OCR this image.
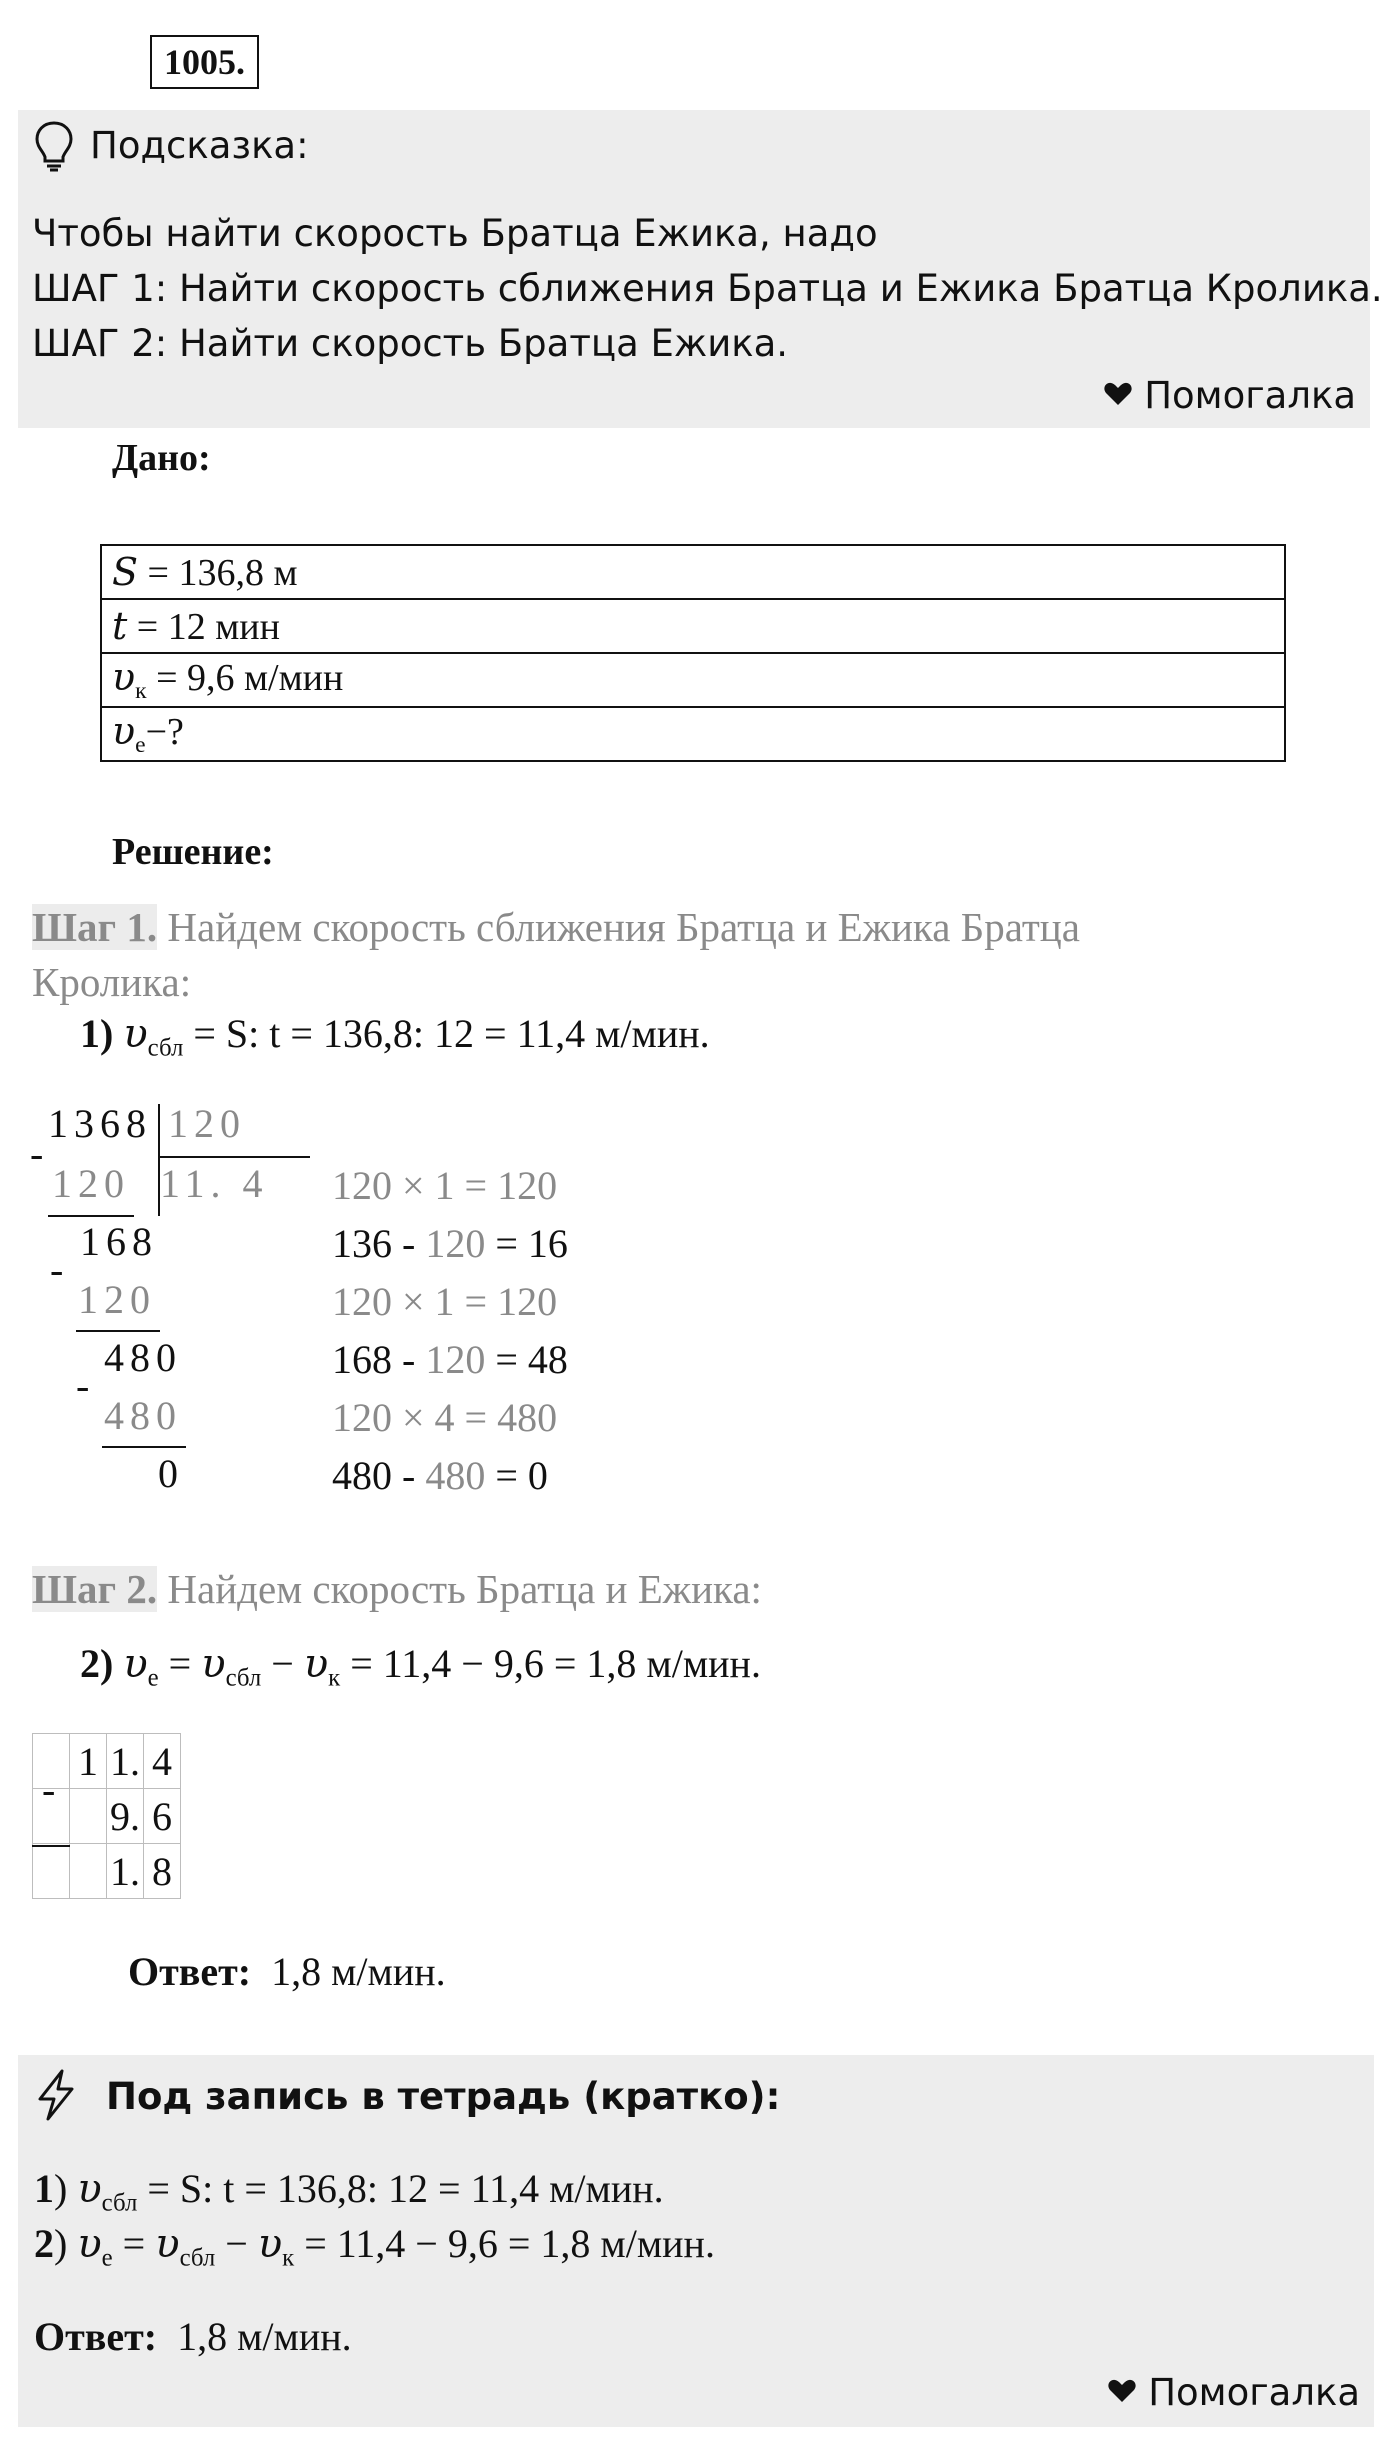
1005.
Подсказка:
Чтобы найти скорость Братца Ежика, надо
ШАГ 1: Найти скорость сближения Братца и Ежика Братца Кролика.
ШАГ 2: Найти скорость Братца Ежика.
Помогалка
Дано:
S = 136,8 м
t = 12 мин
$\upsilon_к = 9,6$ м/мин
$\upsilon_е-$?
Решение:
Шаг 1. Найдем скорость сближения Братца и Ежика Братца
Кролика:
1) $\upsilon_{сбл} = S$: t = 136,8: 12 = 11,4 м/мин.
1368 120
11. 4
-
120
168
-
120
480
-
480
0
120 × 1 = 120
136 - 120 = 16
120 × 1 = 120
168 - 120 = 48
120 × 4 = 480
480 - 480 = 0
Шаг 2. Найдем скорость Братца и Ежика:
2) $\upsilon_е = \upsilon_{сбл} - \upsilon_к = 11,4 - 9,6 = 1,8$ м/мин.
	1	1.	4
		9.	6
		1.	8
-
Ответ: 1,8 м/мин.
Под запись в тетрадь (кратко):
1) $\upsilon_{сбл} = S$: t = 136,8: 12 = 11,4 м/мин.
2) $\upsilon_е = \upsilon_{сбл} - \upsilon_к = 11,4 - 9,6 = 1,8$ м/мин.
Ответ: 1,8 м/мин.
Помогалка
